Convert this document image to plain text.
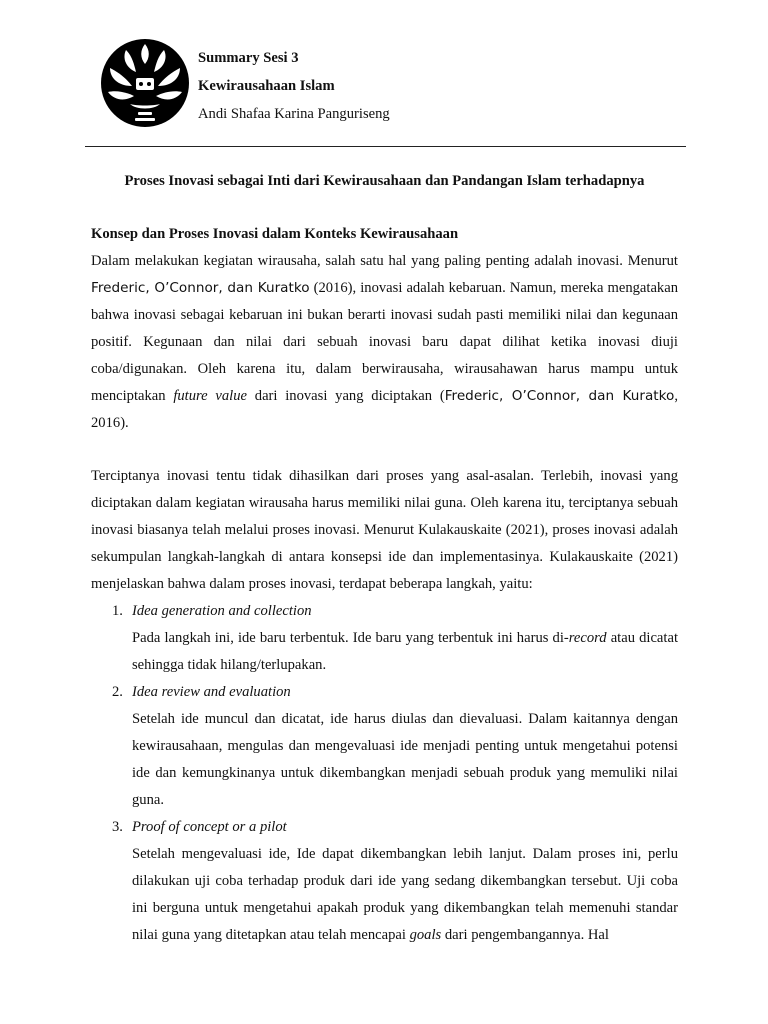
Summary Sesi 3
Kewirausahaan Islam
Andi Shafaa Karina Panguriseng
Proses Inovasi sebagai Inti dari Kewirausahaan dan Pandangan Islam terhadapnya
Konsep dan Proses Inovasi dalam Konteks Kewirausahaan

Dalam melakukan kegiatan wirausaha, salah satu hal yang paling penting adalah inovasi. Menurut Frederic, O’Connor, dan Kuratko (2016), inovasi adalah kebaruan. Namun, mereka mengatakan bahwa inovasi sebagai kebaruan ini bukan berarti inovasi sudah pasti memiliki nilai dan kegunaan positif. Kegunaan dan nilai dari sebuah inovasi baru dapat dilihat ketika inovasi diuji coba/digunakan. Oleh karena itu, dalam berwirausaha, wirausahawan harus mampu untuk menciptakan future value dari inovasi yang diciptakan (Frederic, O’Connor, dan Kuratko, 2016).

Terciptanya inovasi tentu tidak dihasilkan dari proses yang asal-asalan. Terlebih, inovasi yang diciptakan dalam kegiatan wirausaha harus memiliki nilai guna. Oleh karena itu, terciptanya sebuah inovasi biasanya telah melalui proses inovasi. Menurut Kulakauskaite (2021), proses inovasi adalah sekumpulan langkah-langkah di antara konsepsi ide dan implementasinya. Kulakauskaite (2021) menjelaskan bahwa dalam proses inovasi, terdapat beberapa langkah, yaitu:

1. Idea generation and collection
Pada langkah ini, ide baru terbentuk. Ide baru yang terbentuk ini harus di-record atau dicatat sehingga tidak hilang/terlupakan.
2. Idea review and evaluation
Setelah ide muncul dan dicatat, ide harus diulas dan dievaluasi. Dalam kaitannya dengan kewirausahaan, mengulas dan mengevaluasi ide menjadi penting untuk mengetahui potensi ide dan kemungkinanya untuk dikembangkan menjadi sebuah produk yang memuliki nilai guna.
3. Proof of concept or a pilot
Setelah mengevaluasi ide, Ide dapat dikembangkan lebih lanjut. Dalam proses ini, perlu dilakukan uji coba terhadap produk dari ide yang sedang dikembangkan tersebut. Uji coba ini berguna untuk mengetahui apakah produk yang dikembangkan telah memenuhi standar nilai guna yang ditetapkan atau telah mencapai goals dari pengembangannya. Hal
